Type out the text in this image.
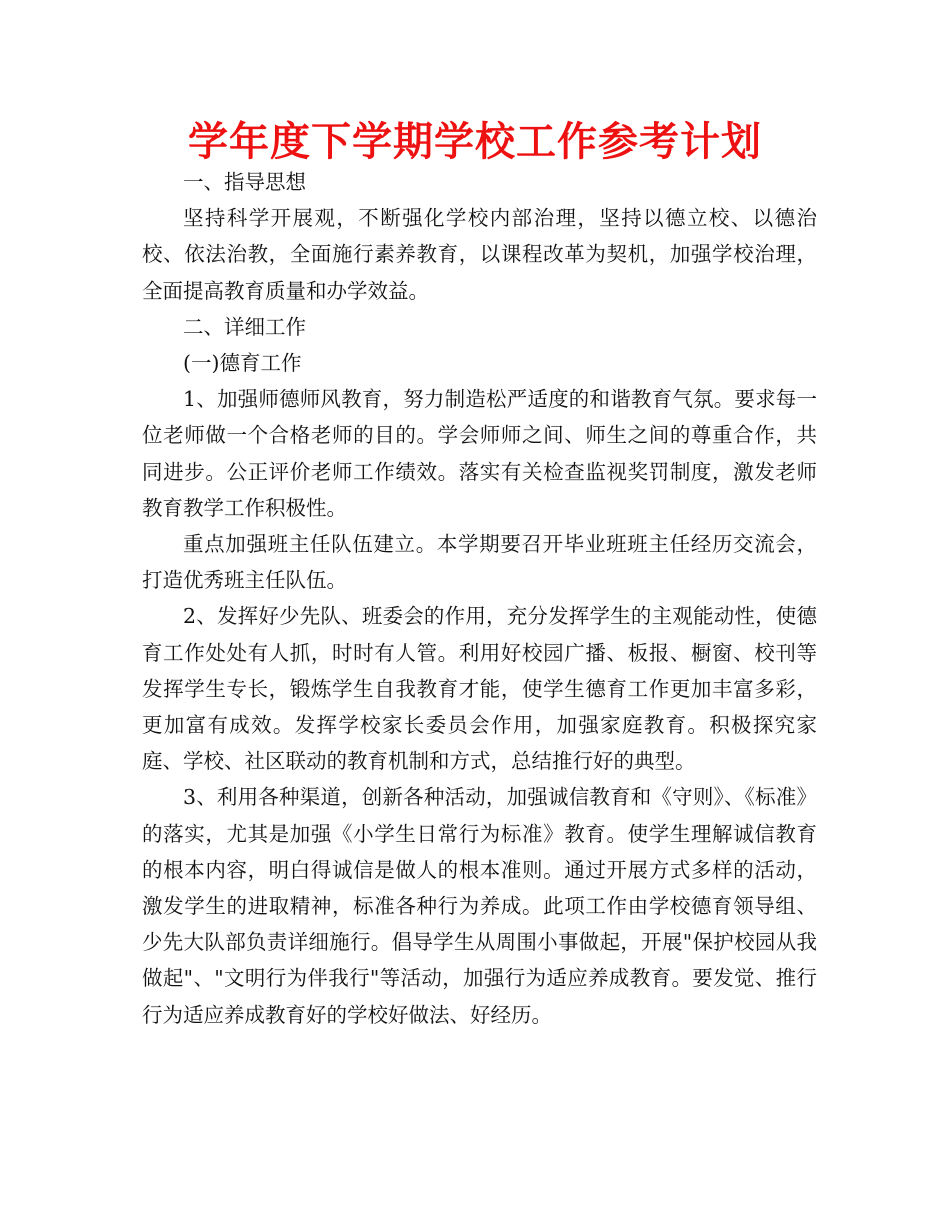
学年度下学期学校工作参考计划

一、指导思想

坚持科学开展观，不断强化学校内部治理，坚持以德立校、以德治校、依法治教，全面施行素养教育，以课程改革为契机，加强学校治理，全面提高教育质量和办学效益。

二、详细工作

(一)德育工作

1、加强师德师风教育，努力制造松严适度的和谐教育气氛。要求每一位老师做一个合格老师的目的。学会师师之间、师生之间的尊重合作，共同进步。公正评价老师工作绩效。落实有关检查监视奖罚制度，激发老师教育教学工作积极性。

重点加强班主任队伍建立。本学期要召开毕业班班主任经历交流会，打造优秀班主任队伍。

2、发挥好少先队、班委会的作用，充分发挥学生的主观能动性，使德育工作处处有人抓，时时有人管。利用好校园广播、板报、橱窗、校刊等发挥学生专长，锻炼学生自我教育才能，使学生德育工作更加丰富多彩，更加富有成效。发挥学校家长委员会作用，加强家庭教育。积极探究家庭、学校、社区联动的教育机制和方式，总结推行好的典型。

3、利用各种渠道，创新各种活动，加强诚信教育和《守则》、《标准》的落实，尤其是加强《小学生日常行为标准》教育。使学生理解诚信教育的根本内容，明白得诚信是做人的根本准则。通过开展方式多样的活动，激发学生的进取精神，标准各种行为养成。此项工作由学校德育领导组、少先大队部负责详细施行。倡导学生从周围小事做起，开展"保护校园从我做起"、"文明行为伴我行"等活动，加强行为适应养成教育。要发觉、推行行为适应养成教育好的学校好做法、好经历。
